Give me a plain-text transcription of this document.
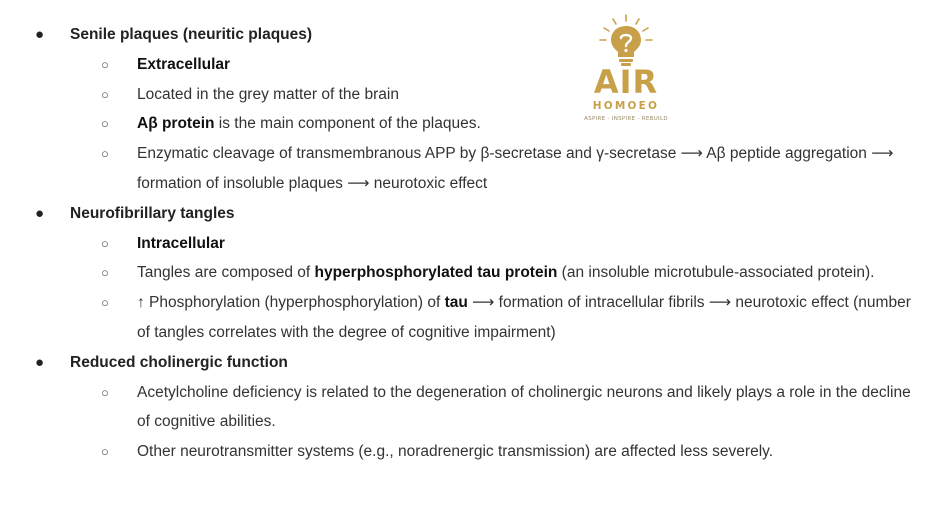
● Senile plaques (neuritic plaques)
○ Extracellular
○ Located in the grey matter of the brain
○ Aβ protein is the main component of the plaques.
○ Enzymatic cleavage of transmembranous APP by β-secretase and γ-secretase ⟶ Aβ peptide aggregation ⟶ formation of insoluble plaques ⟶ neurotoxic effect
● Neurofibrillary tangles
○ Intracellular
○ Tangles are composed of hyperphosphorylated tau protein (an insoluble microtubule-associated protein).
○ ↑ Phosphorylation (hyperphosphorylation) of tau ⟶ formation of intracellular fibrils ⟶ neurotoxic effect (number of tangles correlates with the degree of cognitive impairment)
● Reduced cholinergic function
○ Acetylcholine deficiency is related to the degeneration of cholinergic neurons and likely plays a role in the decline of cognitive abilities.
○ Other neurotransmitter systems (e.g., noradrenergic transmission) are affected less severely.
AIR
HOMOEO
ASPIRE - INSPIRE - REBUILD
